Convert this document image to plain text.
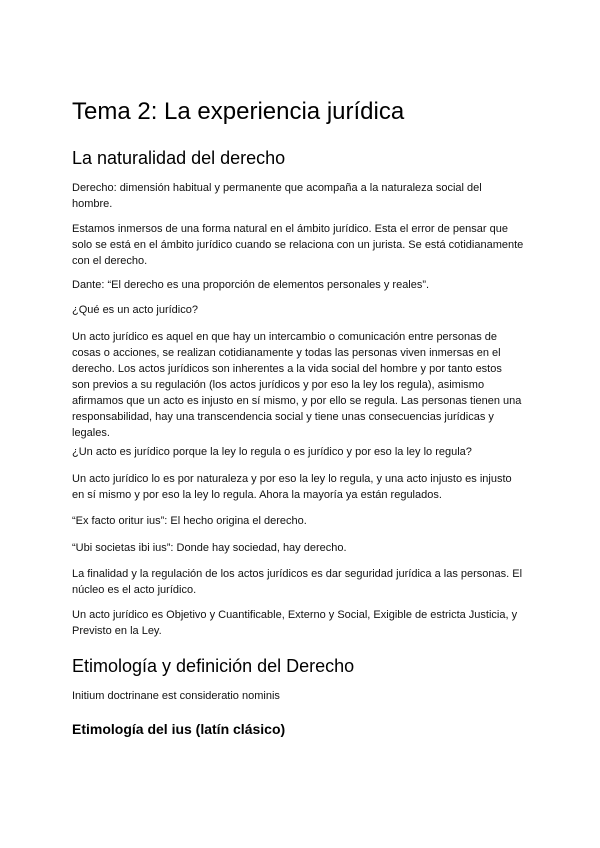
Tema 2: La experiencia jurídica
La naturalidad del derecho

Derecho: dimensión habitual y permanente que acompaña a la naturaleza social del
hombre.

Estamos inmersos de una forma natural en el ámbito jurídico. Esta el error de pensar que
solo se está en el ámbito jurídico cuando se relaciona con un jurista. Se está cotidianamente
con el derecho.

Dante: “El derecho es una proporción de elementos personales y reales”.

¿Qué es un acto jurídico?

Un acto jurídico es aquel en que hay un intercambio o comunicación entre personas de
cosas o acciones, se realizan cotidianamente y todas las personas viven inmersas en el
derecho. Los actos jurídicos son inherentes a la vida social del hombre y por tanto estos
son previos a su regulación (los actos jurídicos y por eso la ley los regula), asimismo
afirmamos que un acto es injusto en sí mismo, y por ello se regula. Las personas tienen una
responsabilidad, hay una transcendencia social y tiene unas consecuencias jurídicas y
legales.

¿Un acto es jurídico porque la ley lo regula o es jurídico y por eso la ley lo regula?

Un acto jurídico lo es por naturaleza y por eso la ley lo regula, y una acto injusto es injusto
en sí mismo y por eso la ley lo regula. Ahora la mayoría ya están regulados.

“Ex facto oritur ius”: El hecho origina el derecho.

“Ubi societas ibi ius”: Donde hay sociedad, hay derecho.

La finalidad y la regulación de los actos jurídicos es dar seguridad jurídica a las personas. El
núcleo es el acto jurídico.

Un acto jurídico es Objetivo y Cuantificable, Externo y Social, Exigible de estricta Justicia, y
Previsto en la Ley.

Etimología y definición del Derecho

Initium doctrinane est consideratio nominis

Etimología del ius (latín clásico)
